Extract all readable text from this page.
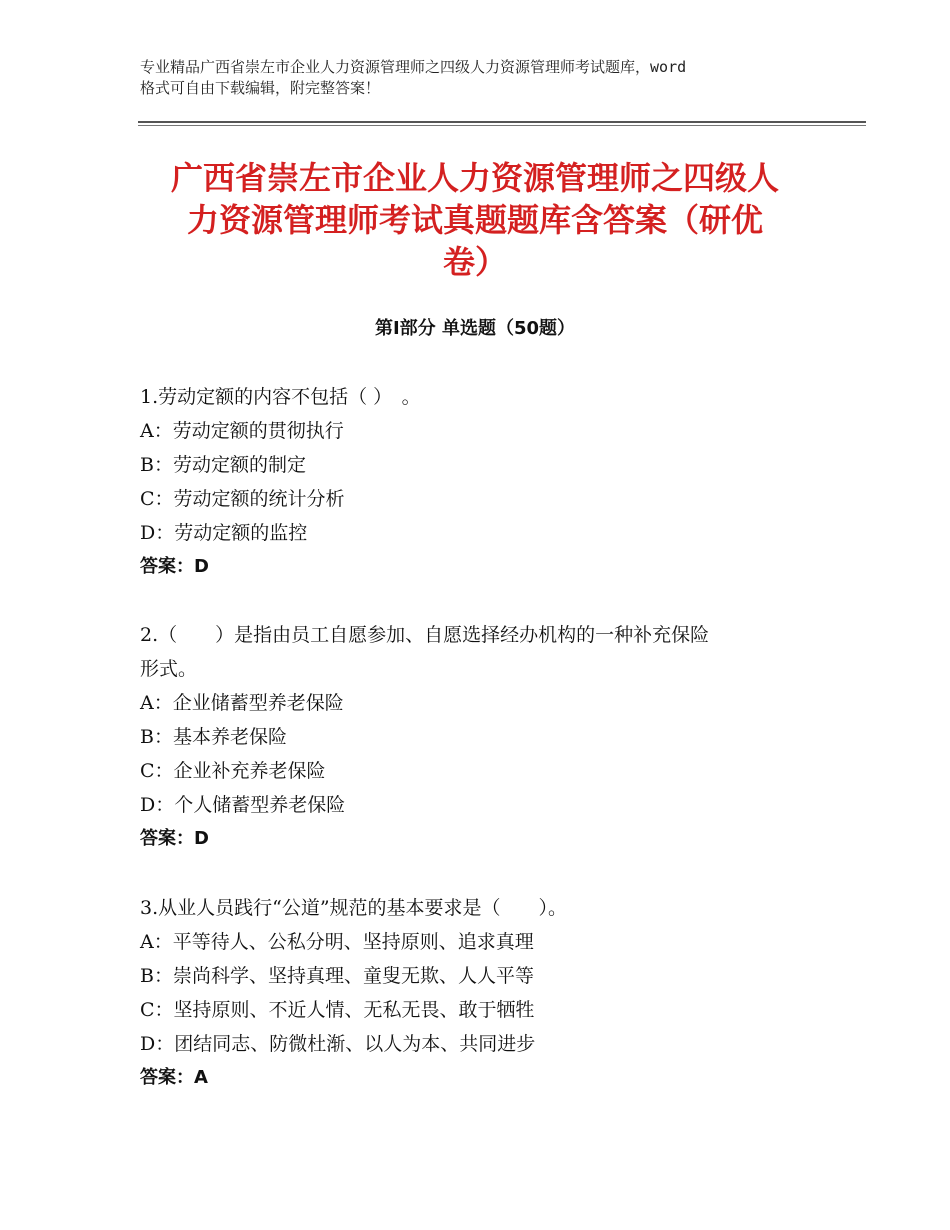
专业精品广西省崇左市企业人力资源管理师之四级人力资源管理师考试题库，word
格式可自由下载编辑，附完整答案！
广西省崇左市企业人力资源管理师之四级人
力资源管理师考试真题题库含答案（研优
卷）
第Ⅰ部分 单选题（50题）
1.劳动定额的内容不包括（ ）　。
A：劳动定额的贯彻执行
B：劳动定额的制定
C：劳动定额的统计分析
D：劳动定额的监控
答案：D
2.（　　）是指由员工自愿参加、自愿选择经办机构的一种补充保险
形式。
A：企业储蓄型养老保险
B：基本养老保险
C：企业补充养老保险
D：个人储蓄型养老保险
答案：D
3.从业人员践行“公道”规范的基本要求是（　　）。
A：平等待人、公私分明、坚持原则、追求真理
B：崇尚科学、坚持真理、童叟无欺、人人平等
C：坚持原则、不近人情、无私无畏、敢于牺牲
D：团结同志、防微杜渐、以人为本、共同进步
答案：A
